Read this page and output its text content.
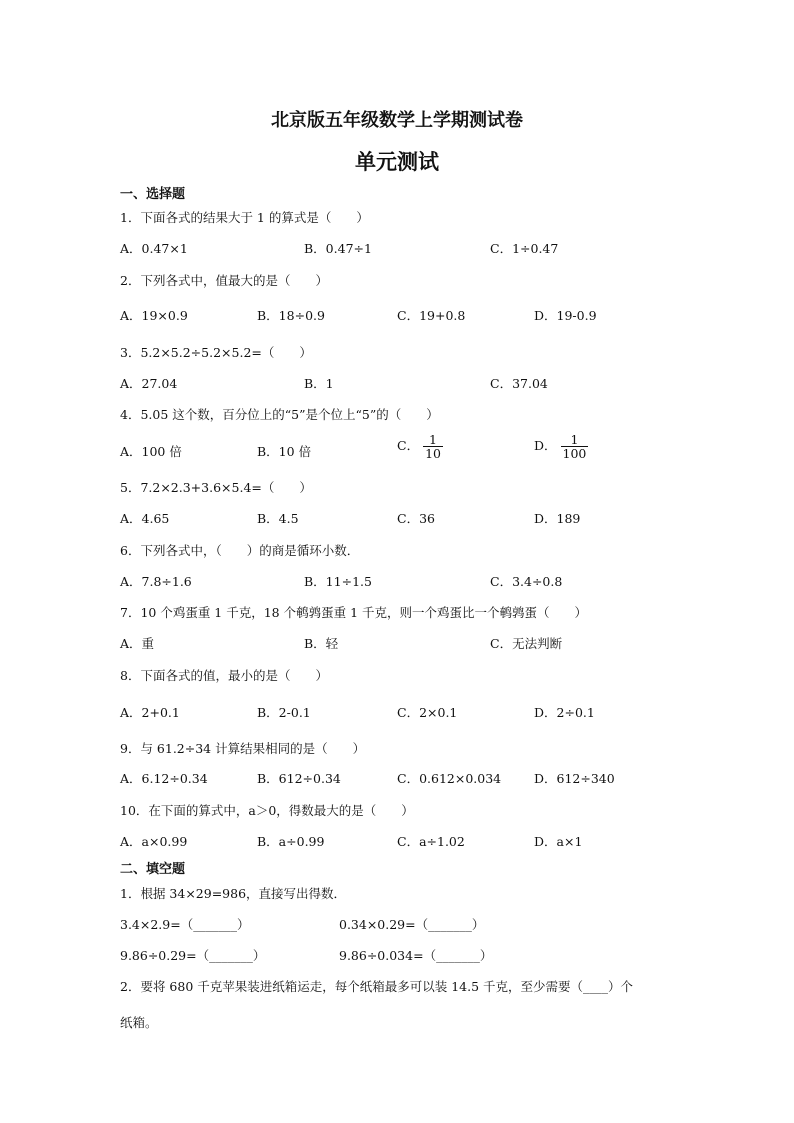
北京版五年级数学上学期测试卷
单元测试
一、选择题
1．下面各式的结果大于 1 的算式是（　　）
A．0.47×1	B．0.47÷1	C．1÷0.47
2．下列各式中，值最大的是（　　）
A．19×0.9	B．18÷0.9	C．19+0.8	D．19-0.9
3．5.2×5.2÷5.2×5.2=（　　）
A．27.04	B．1	C．37.04
4．5.05 这个数，百分位上的“5”是个位上“5”的（　　）
A．100 倍	B．10 倍	C． $\frac{1}{10}$	D． $\frac{1}{100}$
5．7.2×2.3+3.6×5.4=（　　）
A．4.65	B．4.5	C．36	D．189
6．下列各式中，（　　）的商是循环小数．
A．7.8÷1.6	B．11÷1.5	C．3.4÷0.8
7．10 个鸡蛋重 1 千克，18 个鹌鹑蛋重 1 千克，则一个鸡蛋比一个鹌鹑蛋（　　）
A．重	B．轻	C．无法判断
8．下面各式的值，最小的是（　　）
A．2+0.1	B．2-0.1	C．2×0.1	D．2÷0.1
9．与 61.2÷34 计算结果相同的是（　　）
A．6.12÷0.34	B．612÷0.34	C．0.612×0.034	D．612÷340
10．在下面的算式中，a＞0，得数最大的是（　　）
A．a×0.99	B．a÷0.99	C．a÷1.02	D．a×1
二、填空题
1．根据 34×29=986，直接写出得数．
3.4×2.9=（_______）	0.34×0.29=（_______）
9.86÷0.29=（_______）	9.86÷0.034=（_______）
2．要将 680 千克苹果装进纸箱运走，每个纸箱最多可以装 14.5 千克，至少需要（____）个
纸箱。
